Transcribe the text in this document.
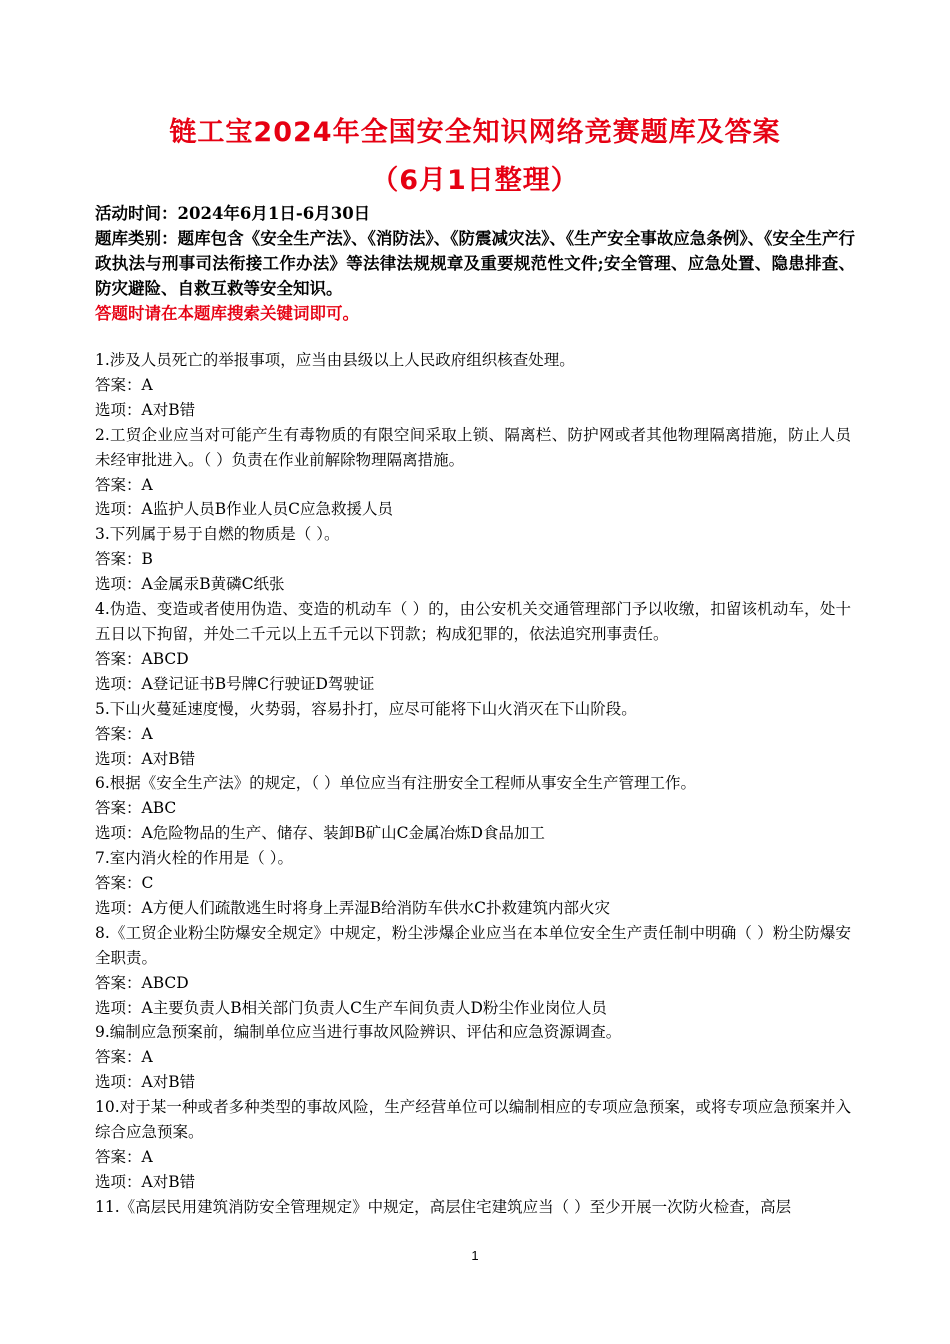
链工宝2024年全国安全知识网络竞赛题库及答案
（6月1日整理）
活动时间：2024年6月1日-6月30日
题库类别：题库包含《安全生产法》、《消防法》、《防震减灾法》、《生产安全事故应急条例》、《安全生产行政执法与刑事司法衔接工作办法》等法律法规规章及重要规范性文件;安全管理、应急处置、隐患排查、防灾避险、自救互救等安全知识。
答题时请在本题库搜索关键词即可。

1.涉及人员死亡的举报事项，应当由县级以上人民政府组织核查处理。

答案：A

选项：A对B错

2.工贸企业应当对可能产生有毒物质的有限空间采取上锁、隔离栏、防护网或者其他物理隔离措施，防止人员未经审批进入。（ ）负责在作业前解除物理隔离措施。

答案：A

选项：A监护人员B作业人员C应急救援人员

3.下列属于易于自燃的物质是（ ）。

答案：B

选项：A金属汞B黄磷C纸张

4.伪造、变造或者使用伪造、变造的机动车（ ）的，由公安机关交通管理部门予以收缴，扣留该机动车，处十五日以下拘留，并处二千元以上五千元以下罚款；构成犯罪的，依法追究刑事责任。

答案：ABCD

选项：A登记证书B号牌C行驶证D驾驶证

5.下山火蔓延速度慢，火势弱，容易扑打，应尽可能将下山火消灭在下山阶段。

答案：A

选项：A对B错

6.根据《安全生产法》的规定，（ ）单位应当有注册安全工程师从事安全生产管理工作。

答案：ABC

选项：A危险物品的生产、储存、装卸B矿山C金属冶炼D食品加工

7.室内消火栓的作用是（ ）。

答案：C

选项：A方便人们疏散逃生时将身上弄湿B给消防车供水C扑救建筑内部火灾

8.《工贸企业粉尘防爆安全规定》中规定，粉尘涉爆企业应当在本单位安全生产责任制中明确（ ）粉尘防爆安全职责。

答案：ABCD

选项：A主要负责人B相关部门负责人C生产车间负责人D粉尘作业岗位人员

9.编制应急预案前，编制单位应当进行事故风险辨识、评估和应急资源调查。

答案：A

选项：A对B错

10.对于某一种或者多种类型的事故风险，生产经营单位可以编制相应的专项应急预案，或将专项应急预案并入综合应急预案。

答案：A

选项：A对B错

11.《高层民用建筑消防安全管理规定》中规定，高层住宅建筑应当（ ）至少开展一次防火检查，高层

1
